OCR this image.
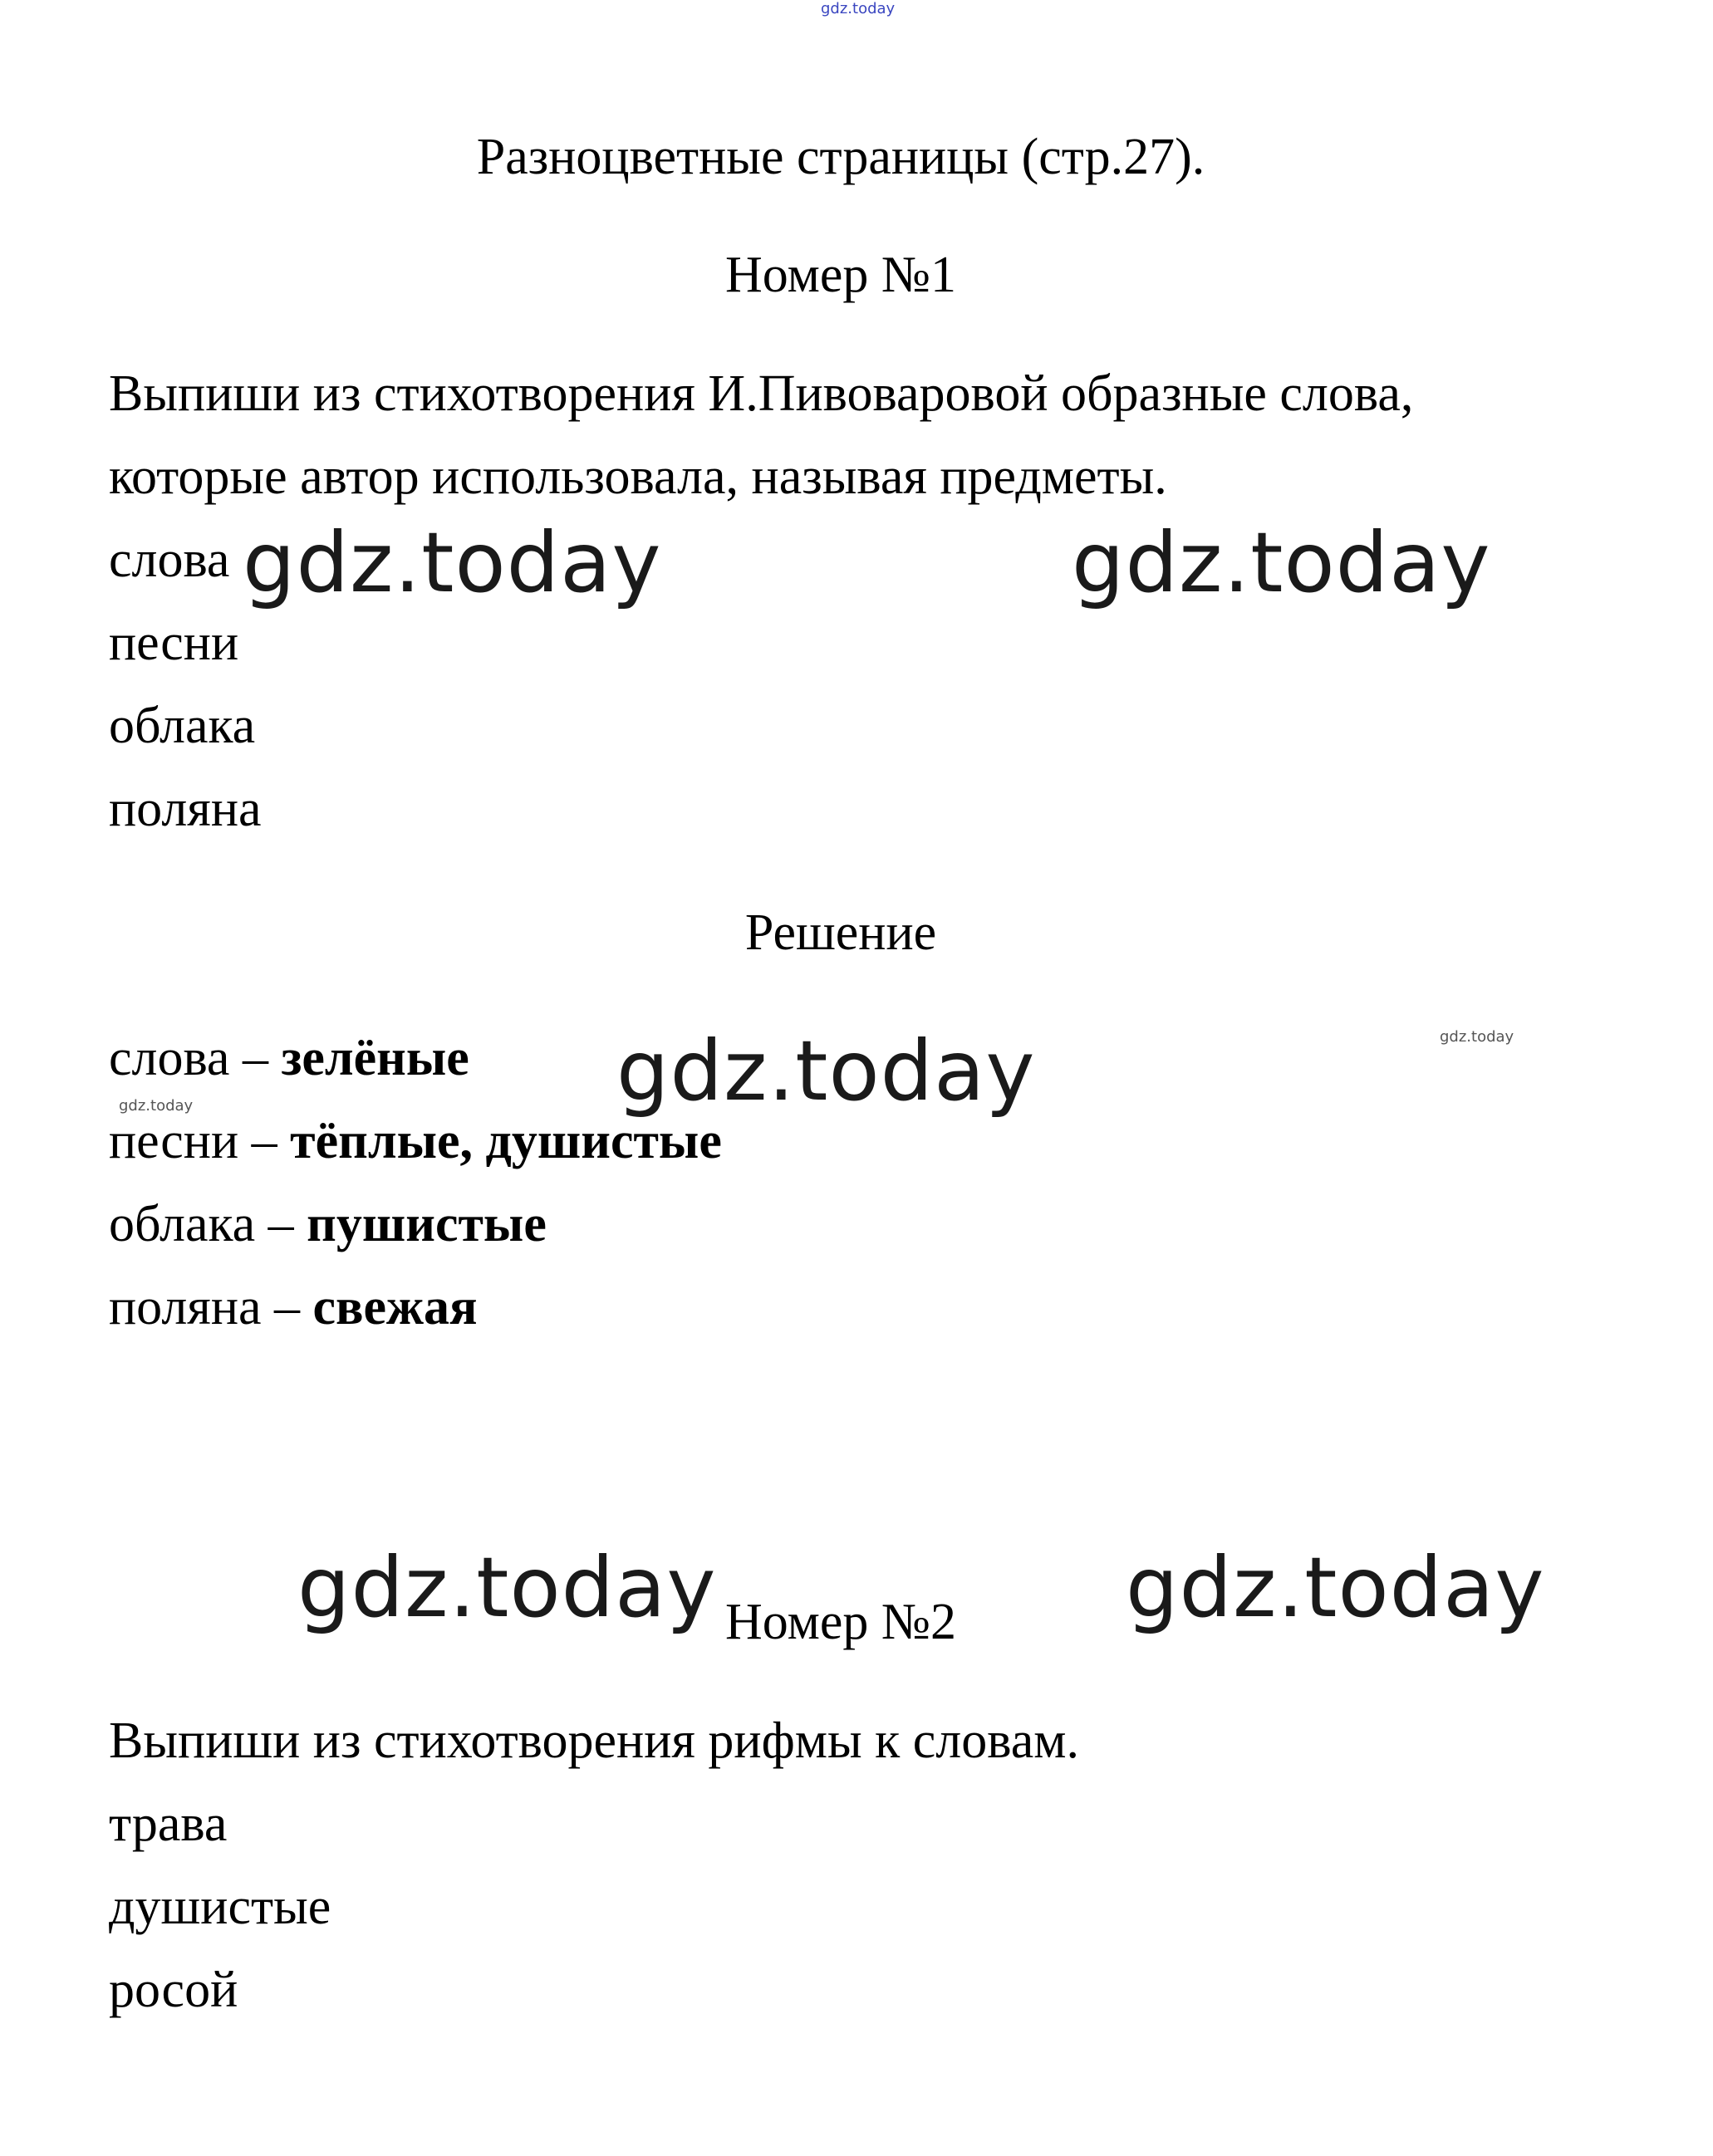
gdz.today
Разноцветные страницы (стр.27).
Номер №1
Выпиши из стихотворения И.Пивоваровой образные слова,
которые автор использовала, называя предметы.
слова
песни
облака
поляна
gdz.today	gdz.today
Решение
слова – зелёные
песни – тёплые, душистые
облака – пушистые
поляна – свежая
gdz.today	gdz.today
gdz.today
gdz.today	gdz.today
Номер №2
Выпиши из стихотворения рифмы к словам.
трава
душистые
росой
